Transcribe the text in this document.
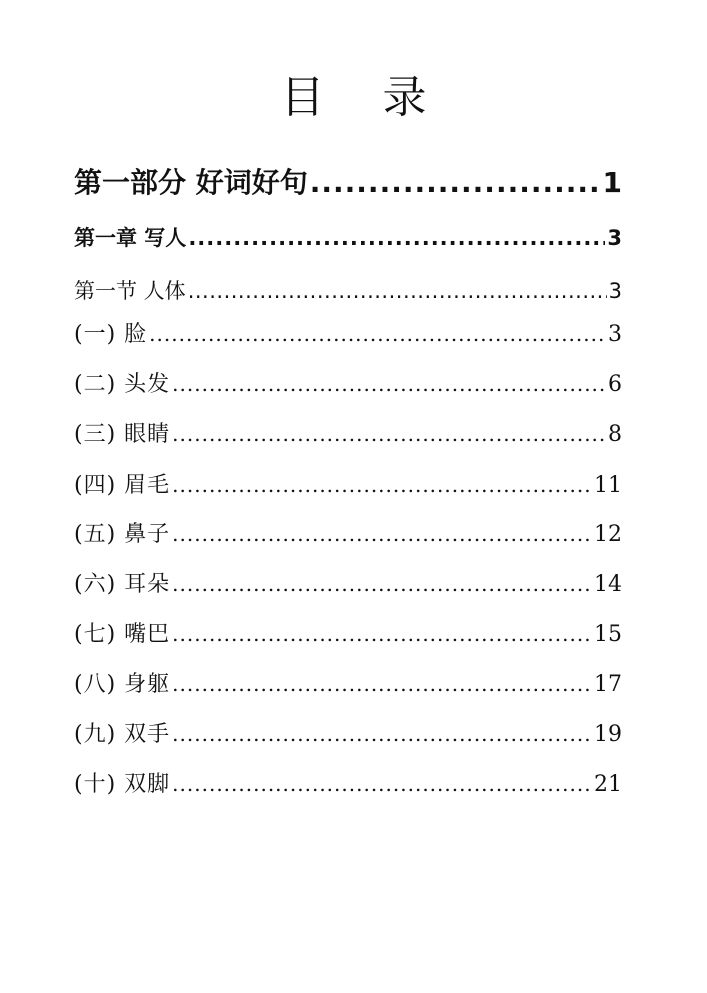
目 录
第一部分 好词好句 .....	1
第一章 写人 .....	3
第一节 人体 .....	3
(一) 脸 .....	3
(二) 头发 .....	6
(三) 眼睛 .....	8
(四) 眉毛 .....	11
(五) 鼻子 .....	12
(六) 耳朵 .....	14
(七) 嘴巴 .....	15
(八) 身躯 .....	17
(九) 双手 .....	19
(十) 双脚 .....	21
